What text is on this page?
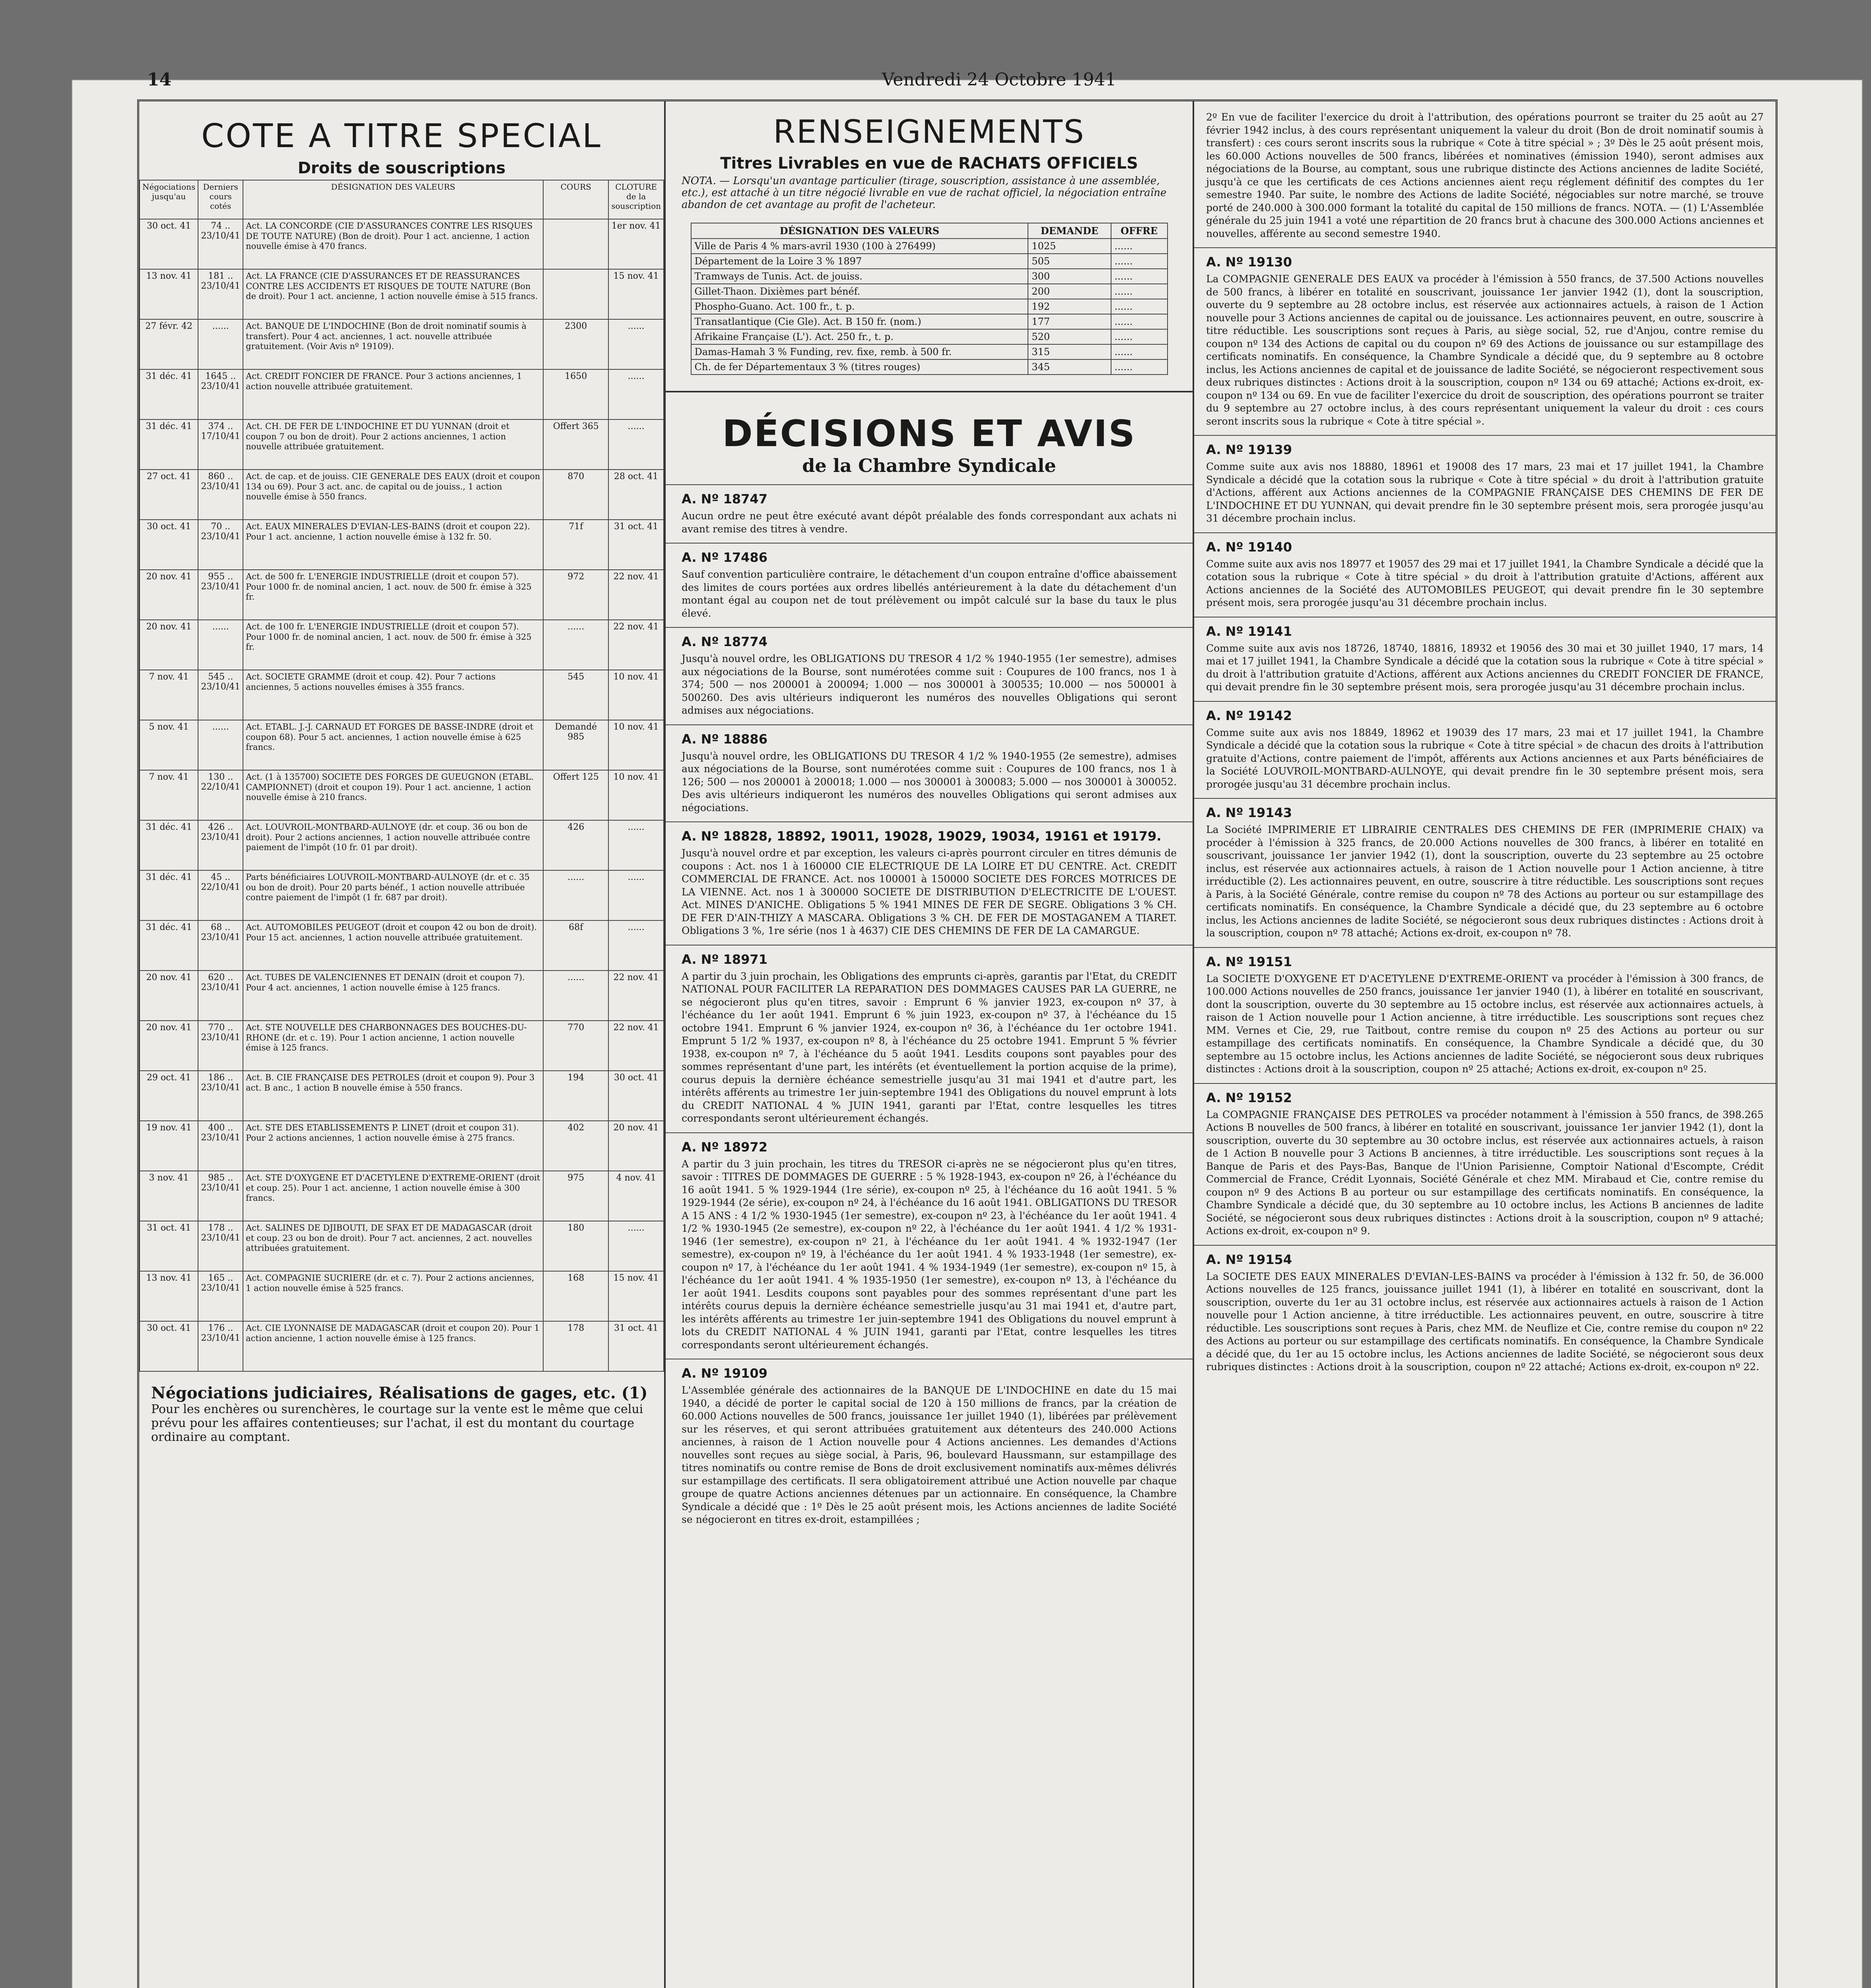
14	Vendredi 24 Octobre 1941
COTE A TITRE SPECIAL
Droits de souscriptions
Négociations jusqu'au	Derniers cours cotés	DÉSIGNATION DES VALEURS	COURS	CLOTURE de la souscription
30 oct. 41	74 .. 23/10/41	Act. LA CONCORDE (CIE D'ASSURANCES CONTRE LES RISQUES DE TOUTE NATURE) (Bon de droit). Pour 1 act. ancienne, 1 action nouvelle émise à 470 francs.		1er nov. 41
13 nov. 41	181 .. 23/10/41	Act. LA FRANCE (CIE D'ASSURANCES ET DE REASSURANCES CONTRE LES ACCIDENTS ET RISQUES DE TOUTE NATURE (Bon de droit). Pour 1 act. ancienne, 1 action nouvelle émise à 515 francs.		15 nov. 41
27 févr. 42	......	Act. BANQUE DE L'INDOCHINE (Bon de droit nominatif soumis à transfert). Pour 4 act. anciennes, 1 act. nouvelle attribuée gratuitement. (Voir Avis nº 19109).	2300	......
31 déc. 41	1645 .. 23/10/41	Act. CREDIT FONCIER DE FRANCE. Pour 3 actions anciennes, 1 action nouvelle attribuée gratuitement.	1650	......
31 déc. 41	374 .. 17/10/41	Act. CH. DE FER DE L'INDOCHINE ET DU YUNNAN (droit et coupon 7 ou bon de droit). Pour 2 actions anciennes, 1 action nouvelle attribuée gratuitement.	Offert 365	......
27 oct. 41	860 .. 23/10/41	Act. de cap. et de jouiss. CIE GENERALE DES EAUX (droit et coupon 134 ou 69). Pour 3 act. anc. de capital ou de jouiss., 1 action nouvelle émise à 550 francs.	870	28 oct. 41
30 oct. 41	70 .. 23/10/41	Act. EAUX MINERALES D'EVIAN-LES-BAINS (droit et coupon 22). Pour 1 act. ancienne, 1 action nouvelle émise à 132 fr. 50.	71f	31 oct. 41
20 nov. 41	955 .. 23/10/41	Act. de 500 fr. L'ENERGIE INDUSTRIELLE (droit et coupon 57). Pour 1000 fr. de nominal ancien, 1 act. nouv. de 500 fr. émise à 325 fr.	972	22 nov. 41
20 nov. 41	......	Act. de 100 fr. L'ENERGIE INDUSTRIELLE (droit et coupon 57). Pour 1000 fr. de nominal ancien, 1 act. nouv. de 500 fr. émise à 325 fr.	......	22 nov. 41
7 nov. 41	545 .. 23/10/41	Act. SOCIETE GRAMME (droit et coup. 42). Pour 7 actions anciennes, 5 actions nouvelles émises à 355 francs.	545	10 nov. 41
5 nov. 41	......	Act. ETABL. J.-J. CARNAUD ET FORGES DE BASSE-INDRE (droit et coupon 68). Pour 5 act. anciennes, 1 action nouvelle émise à 625 francs.	Demandé 985	10 nov. 41
7 nov. 41	130 .. 22/10/41	Act. (1 à 135700) SOCIETE DES FORGES DE GUEUGNON (ETABL. CAMPIONNET) (droit et coupon 19). Pour 1 act. ancienne, 1 action nouvelle émise à 210 francs.	Offert 125	10 nov. 41
31 déc. 41	426 .. 23/10/41	Act. LOUVROIL-MONTBARD-AULNOYE (dr. et coup. 36 ou bon de droit). Pour 2 actions anciennes, 1 action nouvelle attribuée contre paiement de l'impôt (10 fr. 01 par droit).	426	......
31 déc. 41	45 .. 22/10/41	Parts bénéficiaires LOUVROIL-MONTBARD-AULNOYE (dr. et c. 35 ou bon de droit). Pour 20 parts bénéf., 1 action nouvelle attribuée contre paiement de l'impôt (1 fr. 687 par droit).	......	......
31 déc. 41	68 .. 23/10/41	Act. AUTOMOBILES PEUGEOT (droit et coupon 42 ou bon de droit). Pour 15 act. anciennes, 1 action nouvelle attribuée gratuitement.	68f	......
20 nov. 41	620 .. 23/10/41	Act. TUBES DE VALENCIENNES ET DENAIN (droit et coupon 7). Pour 4 act. anciennes, 1 action nouvelle émise à 125 francs.	......	22 nov. 41
20 nov. 41	770 .. 23/10/41	Act. STE NOUVELLE DES CHARBONNAGES DES BOUCHES-DU-RHONE (dr. et c. 19). Pour 1 action ancienne, 1 action nouvelle émise à 125 francs.	770	22 nov. 41
29 oct. 41	186 .. 23/10/41	Act. B. CIE FRANÇAISE DES PETROLES (droit et coupon 9). Pour 3 act. B anc., 1 action B nouvelle émise à 550 francs.	194	30 oct. 41
19 nov. 41	400 .. 23/10/41	Act. STE DES ETABLISSEMENTS P. LINET (droit et coupon 31). Pour 2 actions anciennes, 1 action nouvelle émise à 275 francs.	402	20 nov. 41
3 nov. 41	985 .. 23/10/41	Act. STE D'OXYGENE ET D'ACETYLENE D'EXTREME-ORIENT (droit et coup. 25). Pour 1 act. ancienne, 1 action nouvelle émise à 300 francs.	975	4 nov. 41
31 oct. 41	178 .. 23/10/41	Act. SALINES DE DJIBOUTI, DE SFAX ET DE MADAGASCAR (droit et coup. 23 ou bon de droit). Pour 7 act. anciennes, 2 act. nouvelles attribuées gratuitement.	180	......
13 nov. 41	165 .. 23/10/41	Act. COMPAGNIE SUCRIERE (dr. et c. 7). Pour 2 actions anciennes, 1 action nouvelle émise à 525 francs.	168	15 nov. 41
30 oct. 41	176 .. 23/10/41	Act. CIE LYONNAISE DE MADAGASCAR (droit et coupon 20). Pour 1 action ancienne, 1 action nouvelle émise à 125 francs.	178	31 oct. 41
Négociations judiciaires, Réalisations de gages, etc. (1)
Pour les enchères ou surenchères, le courtage sur la vente est le même que celui prévu pour les affaires contentieuses; sur l'achat, il est du montant du courtage ordinaire au comptant.
RENSEIGNEMENTS
Titres Livrables en vue de RACHATS OFFICIELS
NOTA. — Lorsqu'un avantage particulier (tirage, souscription, assistance à une assemblée, etc.), est attaché à un titre négocié livrable en vue de rachat officiel, la négociation entraîne abandon de cet avantage au profit de l'acheteur.
DÉSIGNATION DES VALEURS	DEMANDE	OFFRE
Ville de Paris 4 % mars-avril 1930 (100 à 276499)	1025	......
Département de la Loire 3 % 1897	505	......
Tramways de Tunis. Act. de jouiss.	300	......
Gillet-Thaon. Dixièmes part bénéf.	200	......
Phospho-Guano. Act. 100 fr., t. p.	192	......
Transatlantique (Cie Gle). Act. B 150 fr. (nom.)	177	......
Afrikaine Française (L'). Act. 250 fr., t. p.	520	......
Damas-Hamah 3 % Funding, rev. fixe, remb. à 500 fr.	315	......
Ch. de fer Départementaux 3 % (titres rouges)	345	......
DÉCISIONS ET AVIS
de la Chambre Syndicale
A. Nº 18747

Aucun ordre ne peut être exécuté avant dépôt préalable des fonds correspondant aux achats ni avant remise des titres à vendre.

A. Nº 17486

Sauf convention particulière contraire, le détachement d'un coupon entraîne d'office abaissement des limites de cours portées aux ordres libellés antérieurement à la date du détachement d'un montant égal au coupon net de tout prélèvement ou impôt calculé sur la base du taux le plus élevé.

A. Nº 18774

Jusqu'à nouvel ordre, les OBLIGATIONS DU TRESOR 4 1/2 % 1940-1955 (1er semestre), admises aux négociations de la Bourse, sont numérotées comme suit : Coupures de 100 francs, nos 1 à 374; 500 — nos 200001 à 200094; 1.000 — nos 300001 à 300535; 10.000 — nos 500001 à 500260. Des avis ultérieurs indiqueront les numéros des nouvelles Obligations qui seront admises aux négociations.

A. Nº 18886

Jusqu'à nouvel ordre, les OBLIGATIONS DU TRESOR 4 1/2 % 1940-1955 (2e semestre), admises aux négociations de la Bourse, sont numérotées comme suit : Coupures de 100 francs, nos 1 à 126; 500 — nos 200001 à 200018; 1.000 — nos 300001 à 300083; 5.000 — nos 300001 à 300052. Des avis ultérieurs indiqueront les numéros des nouvelles Obligations qui seront admises aux négociations.

A. Nº 18828, 18892, 19011, 19028, 19029, 19034, 19161 et 19179.

Jusqu'à nouvel ordre et par exception, les valeurs ci-après pourront circuler en titres démunis de coupons : Act. nos 1 à 160000 CIE ELECTRIQUE DE LA LOIRE ET DU CENTRE. Act. CREDIT COMMERCIAL DE FRANCE. Act. nos 100001 à 150000 SOCIETE DES FORCES MOTRICES DE LA VIENNE. Act. nos 1 à 300000 SOCIETE DE DISTRIBUTION D'ELECTRICITE DE L'OUEST. Act. MINES D'ANICHE. Obligations 5 % 1941 MINES DE FER DE SEGRE. Obligations 3 % CH. DE FER D'AIN-THIZY A MASCARA. Obligations 3 % CH. DE FER DE MOSTAGANEM A TIARET. Obligations 3 %, 1re série (nos 1 à 4637) CIE DES CHEMINS DE FER DE LA CAMARGUE.

A. Nº 18971

A partir du 3 juin prochain, les Obligations des emprunts ci-après, garantis par l'Etat, du CREDIT NATIONAL POUR FACILITER LA REPARATION DES DOMMAGES CAUSES PAR LA GUERRE, ne se négocieront plus qu'en titres, savoir : Emprunt 6 % janvier 1923, ex-coupon nº 37, à l'échéance du 1er août 1941. Emprunt 6 % juin 1923, ex-coupon nº 37, à l'échéance du 15 octobre 1941. Emprunt 6 % janvier 1924, ex-coupon nº 36, à l'échéance du 1er octobre 1941. Emprunt 5 1/2 % 1937, ex-coupon nº 8, à l'échéance du 25 octobre 1941. Emprunt 5 % février 1938, ex-coupon nº 7, à l'échéance du 5 août 1941. Lesdits coupons sont payables pour des sommes représentant d'une part, les intérêts (et éventuellement la portion acquise de la prime), courus depuis la dernière échéance semestrielle jusqu'au 31 mai 1941 et d'autre part, les intérêts afférents au trimestre 1er juin-septembre 1941 des Obligations du nouvel emprunt à lots du CREDIT NATIONAL 4 % JUIN 1941, garanti par l'Etat, contre lesquelles les titres correspondants seront ultérieurement échangés.

A. Nº 18972

A partir du 3 juin prochain, les titres du TRESOR ci-après ne se négocieront plus qu'en titres, savoir : TITRES DE DOMMAGES DE GUERRE : 5 % 1928-1943, ex-coupon nº 26, à l'échéance du 16 août 1941. 5 % 1929-1944 (1re série), ex-coupon nº 25, à l'échéance du 16 août 1941. 5 % 1929-1944 (2e série), ex-coupon nº 24, à l'échéance du 16 août 1941. OBLIGATIONS DU TRESOR A 15 ANS : 4 1/2 % 1930-1945 (1er semestre), ex-coupon nº 23, à l'échéance du 1er août 1941. 4 1/2 % 1930-1945 (2e semestre), ex-coupon nº 22, à l'échéance du 1er août 1941. 4 1/2 % 1931-1946 (1er semestre), ex-coupon nº 21, à l'échéance du 1er août 1941. 4 % 1932-1947 (1er semestre), ex-coupon nº 19, à l'échéance du 1er août 1941. 4 % 1933-1948 (1er semestre), ex-coupon nº 17, à l'échéance du 1er août 1941. 4 % 1934-1949 (1er semestre), ex-coupon nº 15, à l'échéance du 1er août 1941. 4 % 1935-1950 (1er semestre), ex-coupon nº 13, à l'échéance du 1er août 1941. Lesdits coupons sont payables pour des sommes représentant d'une part les intérêts courus depuis la dernière échéance semestrielle jusqu'au 31 mai 1941 et, d'autre part, les intérêts afférents au trimestre 1er juin-septembre 1941 des Obligations du nouvel emprunt à lots du CREDIT NATIONAL 4 % JUIN 1941, garanti par l'Etat, contre lesquelles les titres correspondants seront ultérieurement échangés.

A. Nº 19109

L'Assemblée générale des actionnaires de la BANQUE DE L'INDOCHINE en date du 15 mai 1940, a décidé de porter le capital social de 120 à 150 millions de francs, par la création de 60.000 Actions nouvelles de 500 francs, jouissance 1er juillet 1940 (1), libérées par prélèvement sur les réserves, et qui seront attribuées gratuitement aux détenteurs des 240.000 Actions anciennes, à raison de 1 Action nouvelle pour 4 Actions anciennes. Les demandes d'Actions nouvelles sont reçues au siège social, à Paris, 96, boulevard Haussmann, sur estampillage des titres nominatifs ou contre remise de Bons de droit exclusivement nominatifs aux-mêmes délivrés sur estampillage des certificats. Il sera obligatoirement attribué une Action nouvelle par chaque groupe de quatre Actions anciennes détenues par un actionnaire. En conséquence, la Chambre Syndicale a décidé que : 1º Dès le 25 août présent mois, les Actions anciennes de ladite Société se négocieront en titres ex-droit, estampillées ;

2º En vue de faciliter l'exercice du droit à l'attribution, des opérations pourront se traiter du 25 août au 27 février 1942 inclus, à des cours représentant uniquement la valeur du droit (Bon de droit nominatif soumis à transfert) : ces cours seront inscrits sous la rubrique « Cote à titre spécial » ; 3º Dès le 25 août présent mois, les 60.000 Actions nouvelles de 500 francs, libérées et nominatives (émission 1940), seront admises aux négociations de la Bourse, au comptant, sous une rubrique distincte des Actions anciennes de ladite Société, jusqu'à ce que les certificats de ces Actions anciennes aient reçu réglement définitif des comptes du 1er semestre 1940. Par suite, le nombre des Actions de ladite Société, négociables sur notre marché, se trouve porté de 240.000 à 300.000 formant la totalité du capital de 150 millions de francs. NOTA. — (1) L'Assemblée générale du 25 juin 1941 a voté une répartition de 20 francs brut à chacune des 300.000 Actions anciennes et nouvelles, afférente au second semestre 1940.

A. Nº 19130

La COMPAGNIE GENERALE DES EAUX va procéder à l'émission à 550 francs, de 37.500 Actions nouvelles de 500 francs, à libérer en totalité en souscrivant, jouissance 1er janvier 1942 (1), dont la souscription, ouverte du 9 septembre au 28 octobre inclus, est réservée aux actionnaires actuels, à raison de 1 Action nouvelle pour 3 Actions anciennes de capital ou de jouissance. Les actionnaires peuvent, en outre, souscrire à titre réductible. Les souscriptions sont reçues à Paris, au siège social, 52, rue d'Anjou, contre remise du coupon nº 134 des Actions de capital ou du coupon nº 69 des Actions de jouissance ou sur estampillage des certificats nominatifs. En conséquence, la Chambre Syndicale a décidé que, du 9 septembre au 8 octobre inclus, les Actions anciennes de capital et de jouissance de ladite Société, se négocieront respectivement sous deux rubriques distinctes : Actions droit à la souscription, coupon nº 134 ou 69 attaché; Actions ex-droit, ex-coupon nº 134 ou 69. En vue de faciliter l'exercice du droit de souscription, des opérations pourront se traiter du 9 septembre au 27 octobre inclus, à des cours représentant uniquement la valeur du droit : ces cours seront inscrits sous la rubrique « Cote à titre spécial ».

A. Nº 19139

Comme suite aux avis nos 18880, 18961 et 19008 des 17 mars, 23 mai et 17 juillet 1941, la Chambre Syndicale a décidé que la cotation sous la rubrique « Cote à titre spécial » du droit à l'attribution gratuite d'Actions, afférent aux Actions anciennes de la COMPAGNIE FRANÇAISE DES CHEMINS DE FER DE L'INDOCHINE ET DU YUNNAN, qui devait prendre fin le 30 septembre présent mois, sera prorogée jusqu'au 31 décembre prochain inclus.

A. Nº 19140

Comme suite aux avis nos 18977 et 19057 des 29 mai et 17 juillet 1941, la Chambre Syndicale a décidé que la cotation sous la rubrique « Cote à titre spécial » du droit à l'attribution gratuite d'Actions, afférent aux Actions anciennes de la Société des AUTOMOBILES PEUGEOT, qui devait prendre fin le 30 septembre présent mois, sera prorogée jusqu'au 31 décembre prochain inclus.

A. Nº 19141

Comme suite aux avis nos 18726, 18740, 18816, 18932 et 19056 des 30 mai et 30 juillet 1940, 17 mars, 14 mai et 17 juillet 1941, la Chambre Syndicale a décidé que la cotation sous la rubrique « Cote à titre spécial » du droit à l'attribution gratuite d'Actions, afférent aux Actions anciennes du CREDIT FONCIER DE FRANCE, qui devait prendre fin le 30 septembre présent mois, sera prorogée jusqu'au 31 décembre prochain inclus.

A. Nº 19142

Comme suite aux avis nos 18849, 18962 et 19039 des 17 mars, 23 mai et 17 juillet 1941, la Chambre Syndicale a décidé que la cotation sous la rubrique « Cote à titre spécial » de chacun des droits à l'attribution gratuite d'Actions, contre paiement de l'impôt, afférents aux Actions anciennes et aux Parts bénéficiaires de la Société LOUVROIL-MONTBARD-AULNOYE, qui devait prendre fin le 30 septembre présent mois, sera prorogée jusqu'au 31 décembre prochain inclus.

A. Nº 19143

La Société IMPRIMERIE ET LIBRAIRIE CENTRALES DES CHEMINS DE FER (IMPRIMERIE CHAIX) va procéder à l'émission à 325 francs, de 20.000 Actions nouvelles de 300 francs, à libérer en totalité en souscrivant, jouissance 1er janvier 1942 (1), dont la souscription, ouverte du 23 septembre au 25 octobre inclus, est réservée aux actionnaires actuels, à raison de 1 Action nouvelle pour 1 Action ancienne, à titre irréductible (2). Les actionnaires peuvent, en outre, souscrire à titre réductible. Les souscriptions sont reçues à Paris, à la Société Générale, contre remise du coupon nº 78 des Actions au porteur ou sur estampillage des certificats nominatifs. En conséquence, la Chambre Syndicale a décidé que, du 23 septembre au 6 octobre inclus, les Actions anciennes de ladite Société, se négocieront sous deux rubriques distinctes : Actions droit à la souscription, coupon nº 78 attaché; Actions ex-droit, ex-coupon nº 78.

A. Nº 19151

La SOCIETE D'OXYGENE ET D'ACETYLENE D'EXTREME-ORIENT va procéder à l'émission à 300 francs, de 100.000 Actions nouvelles de 250 francs, jouissance 1er janvier 1940 (1), à libérer en totalité en souscrivant, dont la souscription, ouverte du 30 septembre au 15 octobre inclus, est réservée aux actionnaires actuels, à raison de 1 Action nouvelle pour 1 Action ancienne, à titre irréductible. Les souscriptions sont reçues chez MM. Vernes et Cie, 29, rue Taitbout, contre remise du coupon nº 25 des Actions au porteur ou sur estampillage des certificats nominatifs. En conséquence, la Chambre Syndicale a décidé que, du 30 septembre au 15 octobre inclus, les Actions anciennes de ladite Société, se négocieront sous deux rubriques distinctes : Actions droit à la souscription, coupon nº 25 attaché; Actions ex-droit, ex-coupon nº 25.

A. Nº 19152

La COMPAGNIE FRANÇAISE DES PETROLES va procéder notamment à l'émission à 550 francs, de 398.265 Actions B nouvelles de 500 francs, à libérer en totalité en souscrivant, jouissance 1er janvier 1942 (1), dont la souscription, ouverte du 30 septembre au 30 octobre inclus, est réservée aux actionnaires actuels, à raison de 1 Action B nouvelle pour 3 Actions B anciennes, à titre irréductible. Les souscriptions sont reçues à la Banque de Paris et des Pays-Bas, Banque de l'Union Parisienne, Comptoir National d'Escompte, Crédit Commercial de France, Crédit Lyonnais, Société Générale et chez MM. Mirabaud et Cie, contre remise du coupon nº 9 des Actions B au porteur ou sur estampillage des certificats nominatifs. En conséquence, la Chambre Syndicale a décidé que, du 30 septembre au 10 octobre inclus, les Actions B anciennes de ladite Société, se négocieront sous deux rubriques distinctes : Actions droit à la souscription, coupon nº 9 attaché; Actions ex-droit, ex-coupon nº 9.

A. Nº 19154

La SOCIETE DES EAUX MINERALES D'EVIAN-LES-BAINS va procéder à l'émission à 132 fr. 50, de 36.000 Actions nouvelles de 125 francs, jouissance juillet 1941 (1), à libérer en totalité en souscrivant, dont la souscription, ouverte du 1er au 31 octobre inclus, est réservée aux actionnaires actuels à raison de 1 Action nouvelle pour 1 Action ancienne, à titre irréductible. Les actionnaires peuvent, en outre, souscrire à titre réductible. Les souscriptions sont reçues à Paris, chez MM. de Neuflize et Cie, contre remise du coupon nº 22 des Actions au porteur ou sur estampillage des certificats nominatifs. En conséquence, la Chambre Syndicale a décidé que, du 1er au 15 octobre inclus, les Actions anciennes de ladite Société, se négocieront sous deux rubriques distinctes : Actions droit à la souscription, coupon nº 22 attaché; Actions ex-droit, ex-coupon nº 22.
